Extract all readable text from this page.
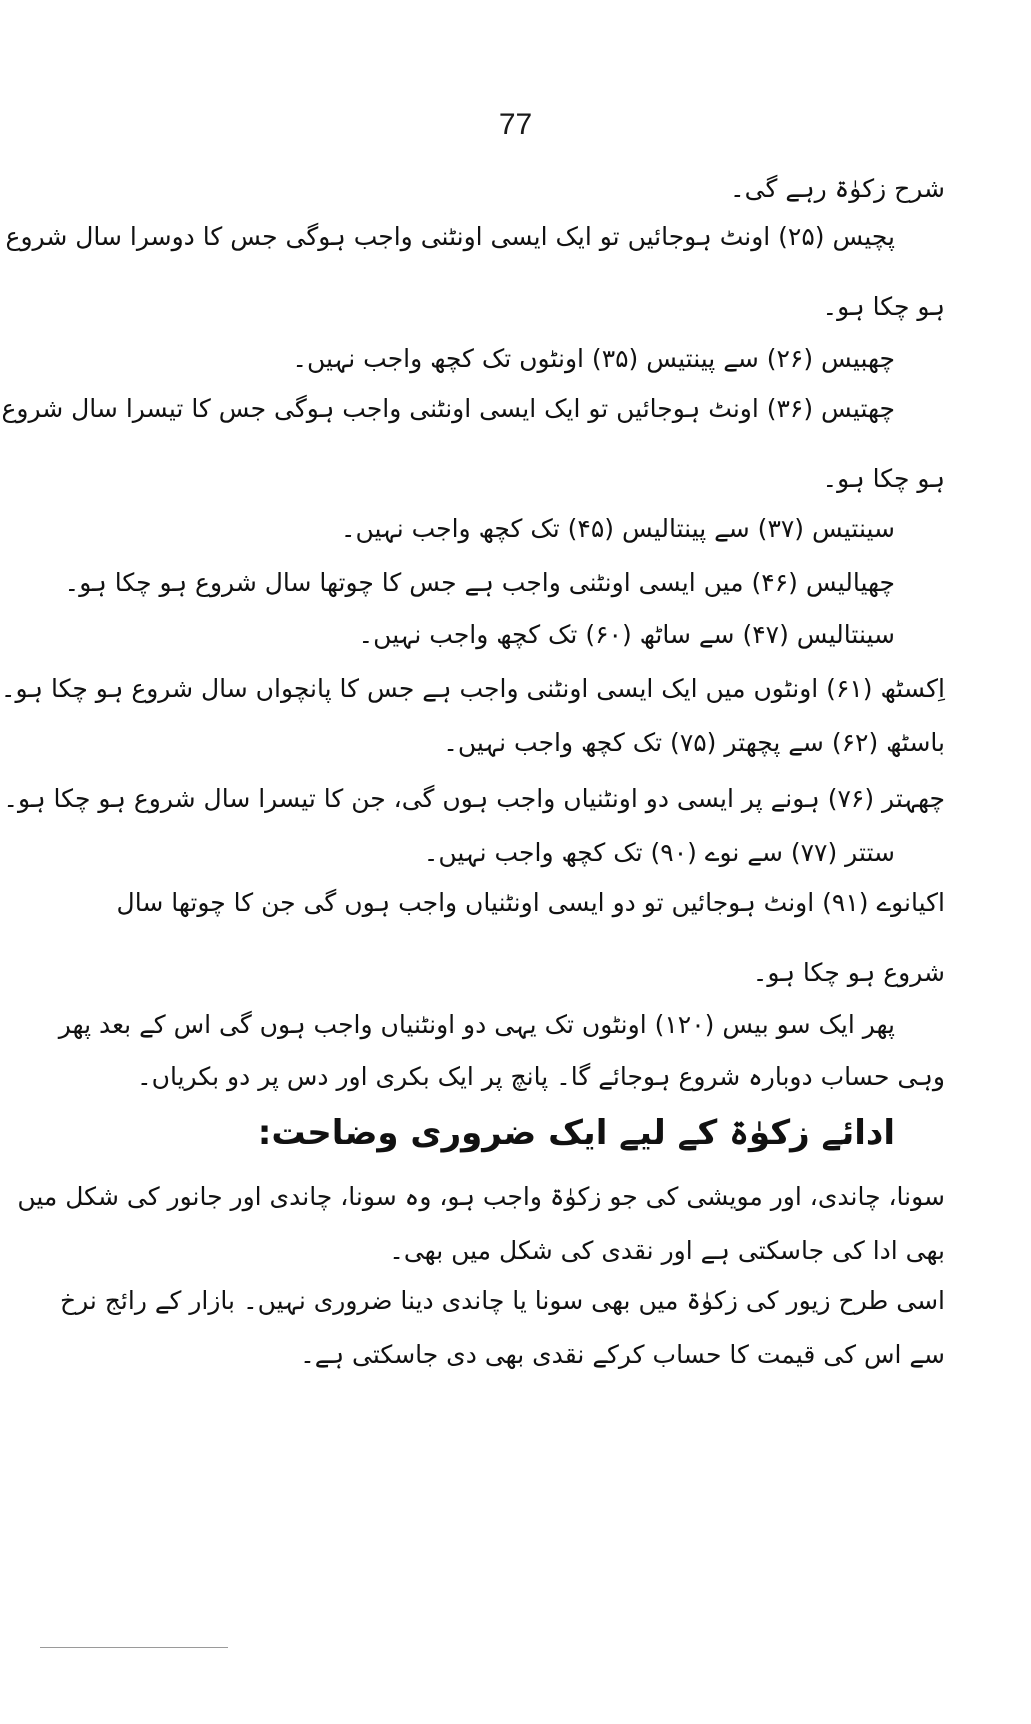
77
شرح زکوٰۃ رہے گی۔
پچیس (۲۵) اونٹ ہوجائیں تو ایک ایسی اونٹنی واجب ہوگی جس کا دوسرا سال شروع
ہو چکا ہو۔
چھبیس (۲۶) سے پینتیس (۳۵) اونٹوں تک کچھ واجب نہیں۔
چھتیس (۳۶) اونٹ ہوجائیں تو ایک ایسی اونٹنی واجب ہوگی جس کا تیسرا سال شروع
ہو چکا ہو۔
سینتیس (۳۷) سے پینتالیس (۴۵) تک کچھ واجب نہیں۔
چھیالیس (۴۶) میں ایسی اونٹنی واجب ہے جس کا چوتھا سال شروع ہو چکا ہو۔
سینتالیس (۴۷) سے ساٹھ (۶۰) تک کچھ واجب نہیں۔
اِکسٹھ (۶۱) اونٹوں میں ایک ایسی اونٹنی واجب ہے جس کا پانچواں سال شروع ہو چکا ہو۔
باسٹھ (۶۲) سے پچھتر (۷۵) تک کچھ واجب نہیں۔
چھہتر (۷۶) ہونے پر ایسی دو اونٹنیاں واجب ہوں گی، جن کا تیسرا سال شروع ہو چکا ہو۔
ستتر (۷۷) سے نوے (۹۰) تک کچھ واجب نہیں۔
اکیانوے (۹۱) اونٹ ہوجائیں تو دو ایسی اونٹنیاں واجب ہوں گی جن کا چوتھا سال
شروع ہو چکا ہو۔
پھر ایک سو بیس (۱۲۰) اونٹوں تک یہی دو اونٹنیاں واجب ہوں گی اس کے بعد پھر
وہی حساب دوبارہ شروع ہوجائے گا۔ پانچ پر ایک بکری اور دس پر دو بکریاں۔
ادائے زکوٰۃ کے لیے ایک ضروری وضاحت:
سونا، چاندی، اور مویشی کی جو زکوٰۃ واجب ہو، وہ سونا، چاندی اور جانور کی شکل میں
بھی ادا کی جاسکتی ہے اور نقدی کی شکل میں بھی۔
اسی طرح زیور کی زکوٰۃ میں بھی سونا یا چاندی دینا ضروری نہیں۔ بازار کے رائج نرخ
سے اس کی قیمت کا حساب کرکے نقدی بھی دی جاسکتی ہے۔
